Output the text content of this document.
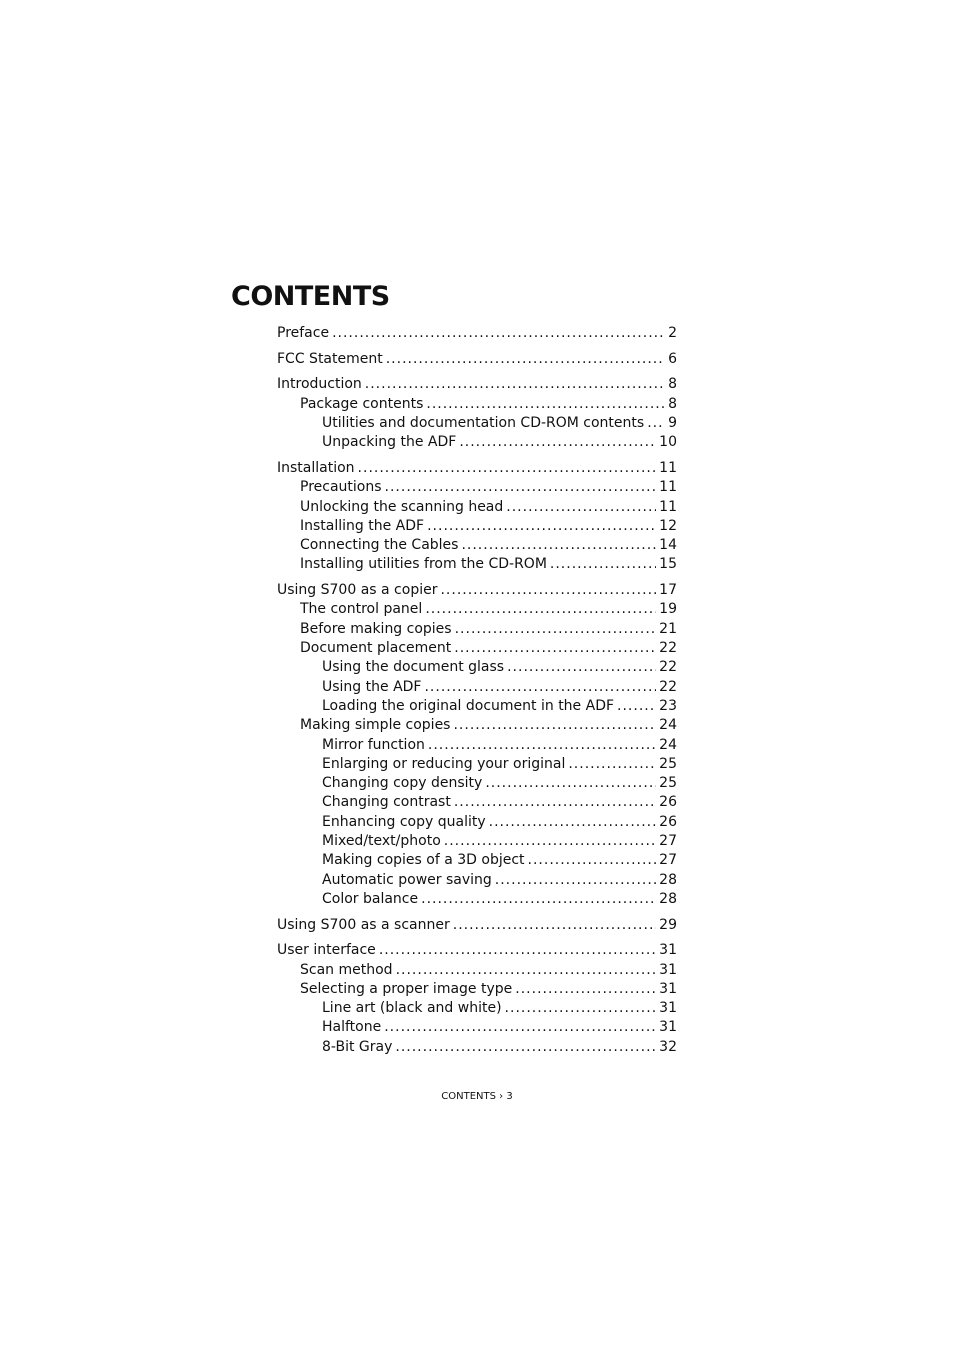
CONTENTS
Preface .....	2
FCC Statement .....	6
Introduction .....	8
Package contents .....	8
Utilities and documentation CD-ROM contents ..... 9
Unpacking the ADF .....	10
Installation .....	11
Precautions .....	11
Unlocking the scanning head .....	11
Installing the ADF .....	12
Connecting the Cables .....	14
Installing utilities from the CD-ROM .....	15
Using S700 as a copier .....	17
The control panel .....	19
Before making copies .....	21
Document placement .....	22
Using the document glass .....	22
Using the ADF .....	22
Loading the original document in the ADF .....	23
Making simple copies .....	24
Mirror function .....	24
Enlarging or reducing your original .....	25
Changing copy density .....	25
Changing contrast .....	26
Enhancing copy quality .....	26
Mixed/text/photo .....	27
Making copies of a 3D object .....	27
Automatic power saving .....	28
Color balance .....	28
Using S700 as a scanner .....	29
User interface .....	31
Scan method .....	31
Selecting a proper image type .....	31
Line art (black and white) .....	31
Halftone .....	31
8-Bit Gray .....	32
CONTENTS › 3
